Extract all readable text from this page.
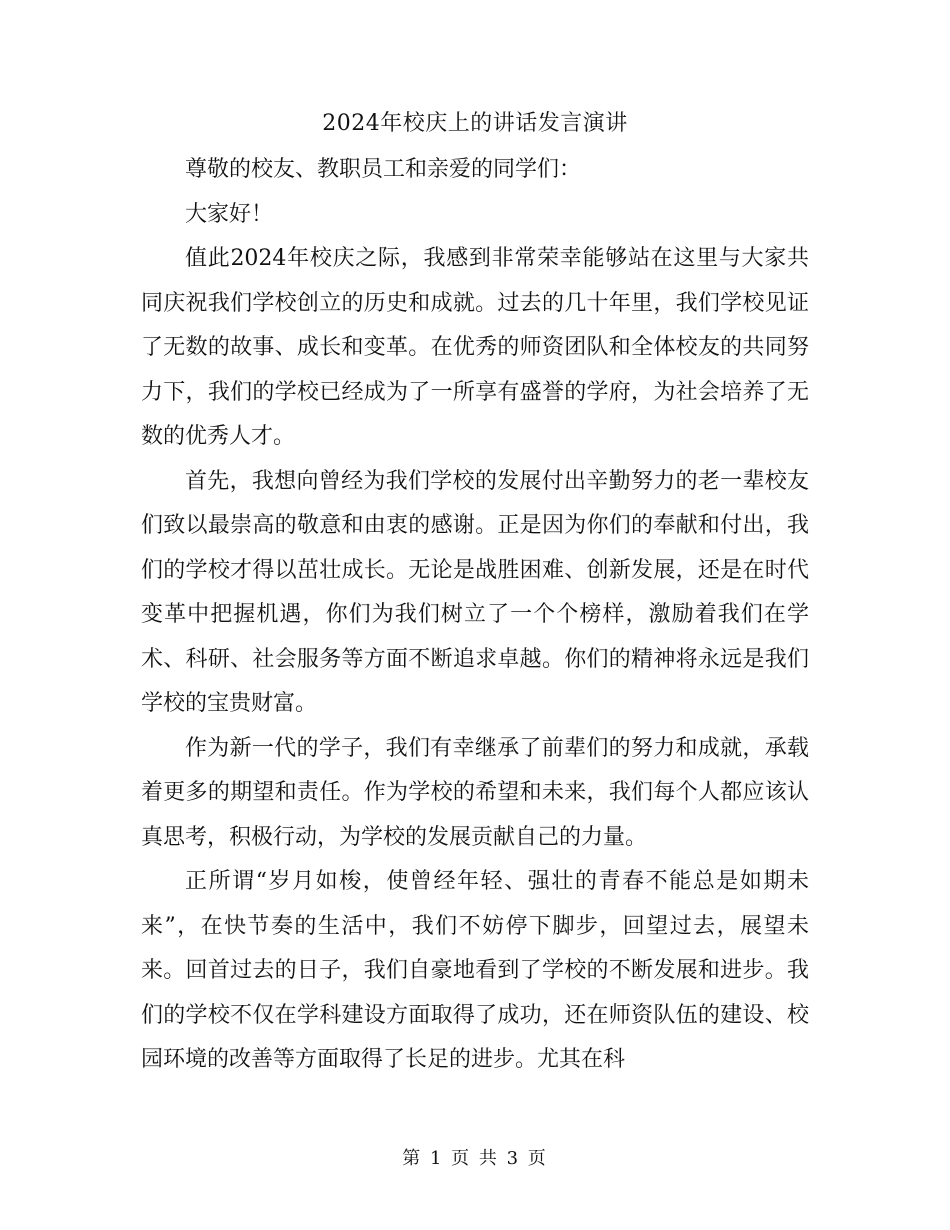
2024年校庆上的讲话发言演讲

尊敬的校友、教职员工和亲爱的同学们：

大家好！

值此2024年校庆之际，我感到非常荣幸能够站在这里与大家共同庆祝我们学校创立的历史和成就。过去的几十年里，我们学校见证了无数的故事、成长和变革。在优秀的师资团队和全体校友的共同努力下，我们的学校已经成为了一所享有盛誉的学府，为社会培养了无数的优秀人才。

首先，我想向曾经为我们学校的发展付出辛勤努力的老一辈校友们致以最崇高的敬意和由衷的感谢。正是因为你们的奉献和付出，我们的学校才得以茁壮成长。无论是战胜困难、创新发展，还是在时代变革中把握机遇，你们为我们树立了一个个榜样，激励着我们在学术、科研、社会服务等方面不断追求卓越。你们的精神将永远是我们学校的宝贵财富。

作为新一代的学子，我们有幸继承了前辈们的努力和成就，承载着更多的期望和责任。作为学校的希望和未来，我们每个人都应该认真思考，积极行动，为学校的发展贡献自己的力量。

正所谓“岁月如梭，使曾经年轻、强壮的青春不能总是如期未来”，在快节奏的生活中，我们不妨停下脚步，回望过去，展望未来。回首过去的日子，我们自豪地看到了学校的不断发展和进步。我们的学校不仅在学科建设方面取得了成功，还在师资队伍的建设、校园环境的改善等方面取得了长足的进步。尤其在科

第 1 页 共 3 页
